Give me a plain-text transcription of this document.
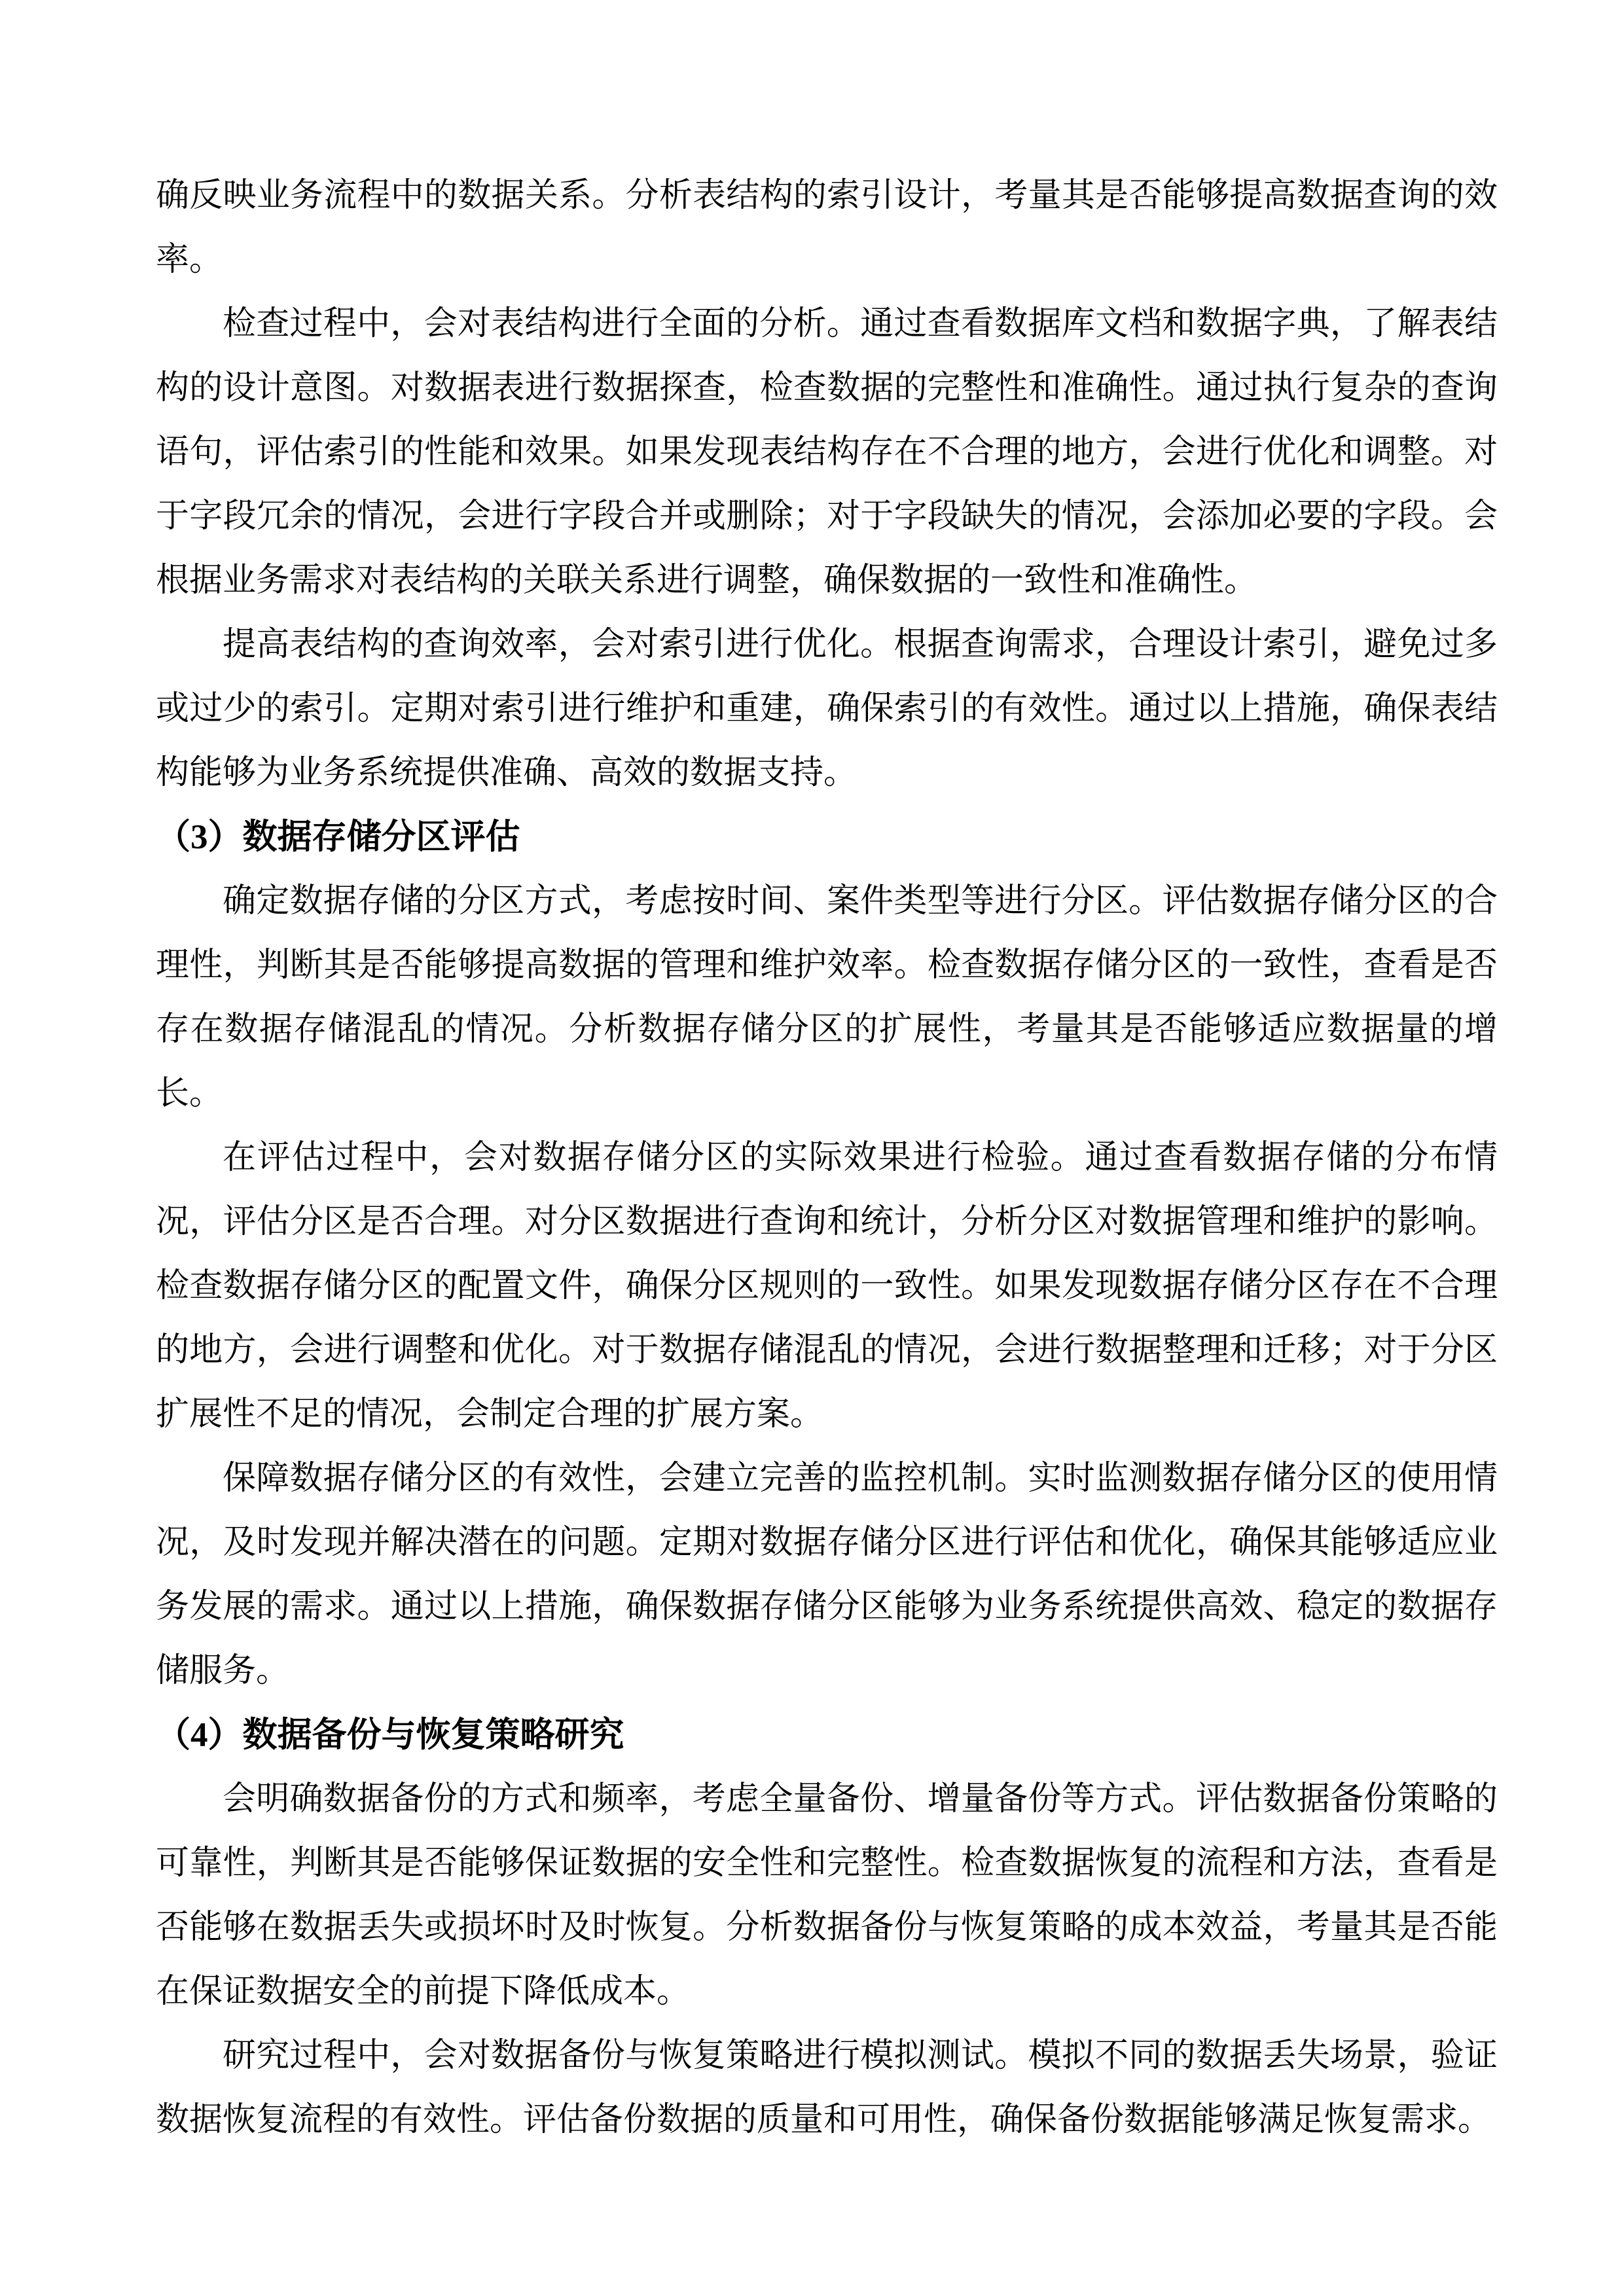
确反映业务流程中的数据关系。分析表结构的索引设计，考量其是否能够提高数据查询的效率。

检查过程中，会对表结构进行全面的分析。通过查看数据库文档和数据字典，了解表结构的设计意图。对数据表进行数据探查，检查数据的完整性和准确性。通过执行复杂的查询语句，评估索引的性能和效果。如果发现表结构存在不合理的地方，会进行优化和调整。对于字段冗余的情况，会进行字段合并或删除；对于字段缺失的情况，会添加必要的字段。会根据业务需求对表结构的关联关系进行调整，确保数据的一致性和准确性。

提高表结构的查询效率，会对索引进行优化。根据查询需求，合理设计索引，避免过多或过少的索引。定期对索引进行维护和重建，确保索引的有效性。通过以上措施，确保表结构能够为业务系统提供准确、高效的数据支持。

（3）数据存储分区评估

确定数据存储的分区方式，考虑按时间、案件类型等进行分区。评估数据存储分区的合理性，判断其是否能够提高数据的管理和维护效率。检查数据存储分区的一致性，查看是否存在数据存储混乱的情况。分析数据存储分区的扩展性，考量其是否能够适应数据量的增长。

在评估过程中，会对数据存储分区的实际效果进行检验。通过查看数据存储的分布情况，评估分区是否合理。对分区数据进行查询和统计，分析分区对数据管理和维护的影响。检查数据存储分区的配置文件，确保分区规则的一致性。如果发现数据存储分区存在不合理的地方，会进行调整和优化。对于数据存储混乱的情况，会进行数据整理和迁移；对于分区扩展性不足的情况，会制定合理的扩展方案。

保障数据存储分区的有效性，会建立完善的监控机制。实时监测数据存储分区的使用情况，及时发现并解决潜在的问题。定期对数据存储分区进行评估和优化，确保其能够适应业务发展的需求。通过以上措施，确保数据存储分区能够为业务系统提供高效、稳定的数据存储服务。

（4）数据备份与恢复策略研究

会明确数据备份的方式和频率，考虑全量备份、增量备份等方式。评估数据备份策略的可靠性，判断其是否能够保证数据的安全性和完整性。检查数据恢复的流程和方法，查看是否能够在数据丢失或损坏时及时恢复。分析数据备份与恢复策略的成本效益，考量其是否能在保证数据安全的前提下降低成本。

研究过程中，会对数据备份与恢复策略进行模拟测试。模拟不同的数据丢失场景，验证数据恢复流程的有效性。评估备份数据的质量和可用性，确保备份数据能够满足恢复需求。
